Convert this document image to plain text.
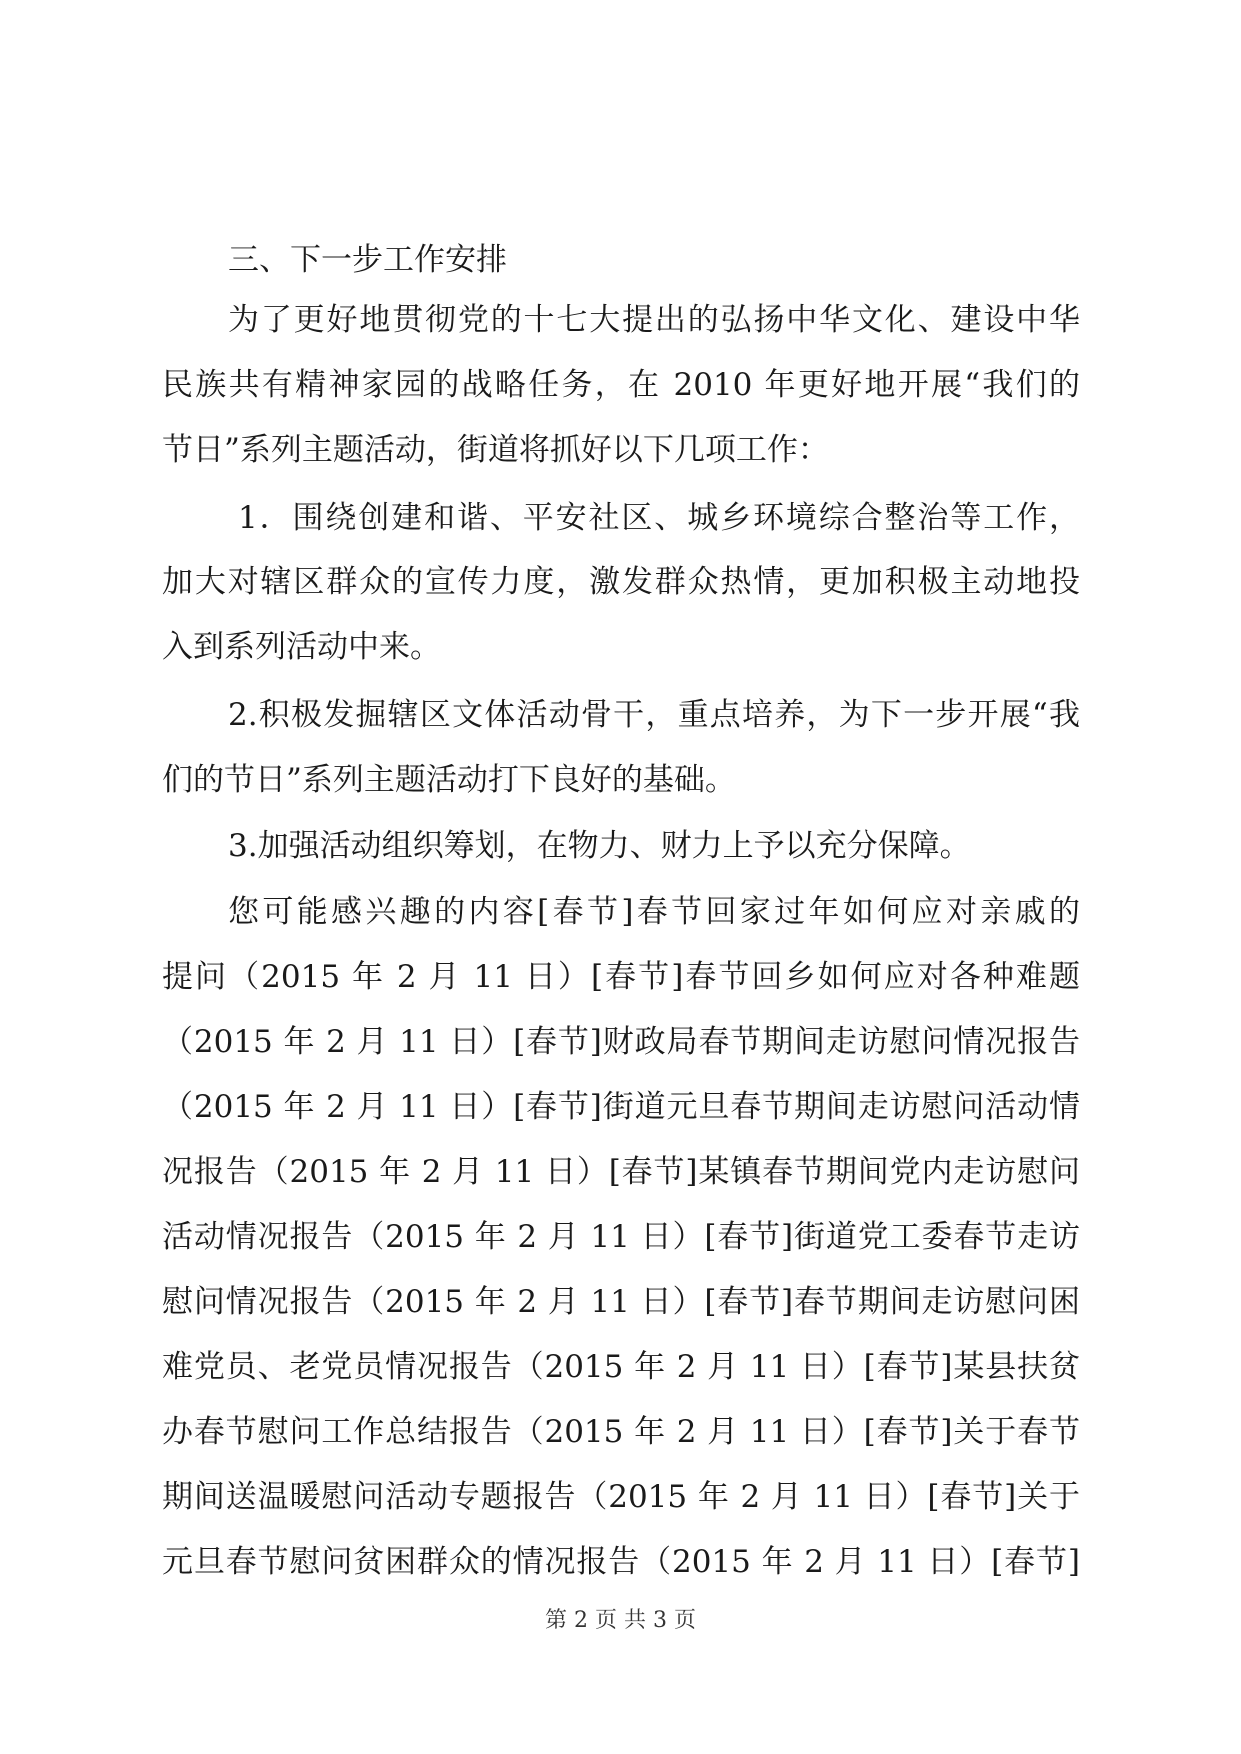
三、下一步工作安排
为了更好地贯彻党的十七大提出的弘扬中华文化、建设中华
民族共有精神家园的战略任务，在 2010 年更好地开展“我们的
节日”系列主题活动，街道将抓好以下几项工作：
1．围绕创建和谐、平安社区、城乡环境综合整治等工作，
加大对辖区群众的宣传力度，激发群众热情，更加积极主动地投
入到系列活动中来。
2.积极发掘辖区文体活动骨干，重点培养，为下一步开展“我
们的节日”系列主题活动打下良好的基础。
3.加强活动组织筹划，在物力、财力上予以充分保障。
您可能感兴趣的内容[春节]春节回家过年如何应对亲戚的
提问（2015 年 2 月 11 日）[春节]春节回乡如何应对各种难题
（2015 年 2 月 11 日）[春节]财政局春节期间走访慰问情况报告
（2015 年 2 月 11 日）[春节]街道元旦春节期间走访慰问活动情
况报告（2015 年 2 月 11 日）[春节]某镇春节期间党内走访慰问
活动情况报告（2015 年 2 月 11 日）[春节]街道党工委春节走访
慰问情况报告（2015 年 2 月 11 日）[春节]春节期间走访慰问困
难党员、老党员情况报告（2015 年 2 月 11 日）[春节]某县扶贫
办春节慰问工作总结报告（2015 年 2 月 11 日）[春节]关于春节
期间送温暖慰问活动专题报告（2015 年 2 月 11 日）[春节]关于
元旦春节慰问贫困群众的情况报告（2015 年 2 月 11 日）[春节]
第 2 页 共 3 页
